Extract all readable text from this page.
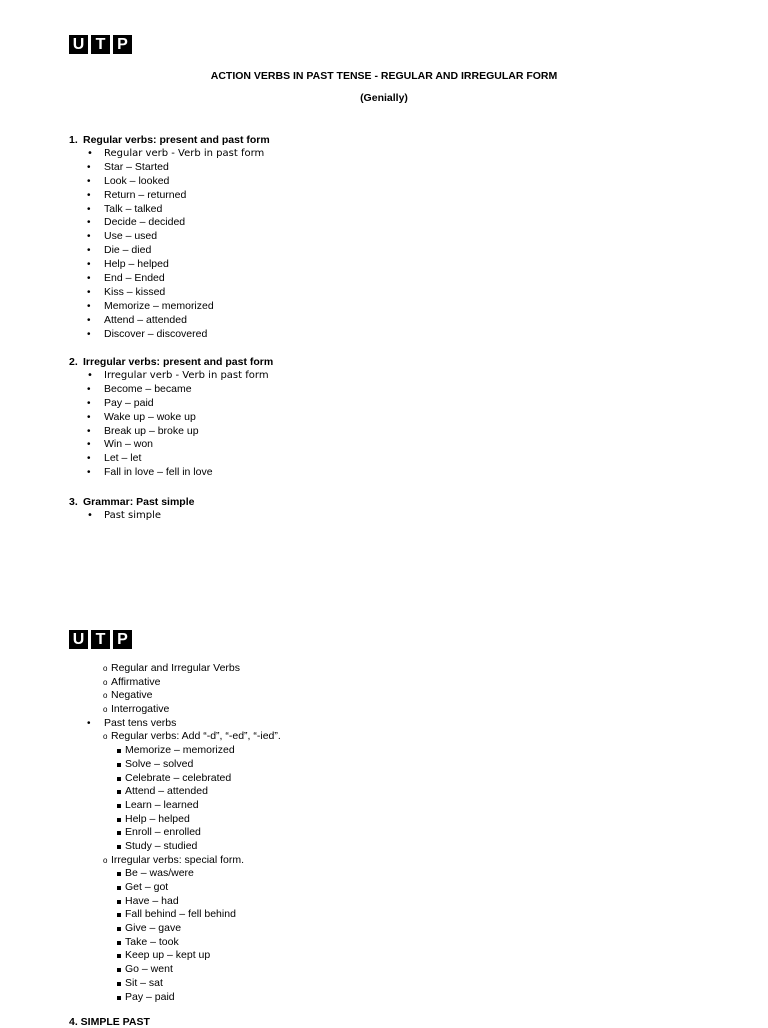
U T P
ACTION VERBS IN PAST TENSE - REGULAR AND IRREGULAR FORM
(Genially)
1. Regular verbs: present and past form
• Regular verb - Verb in past form
• Star – Started
• Look – looked
• Return – returned
• Talk – talked
• Decide – decided
• Use – used
• Die – died
• Help – helped
• End – Ended
• Kiss – kissed
• Memorize – memorized
• Attend – attended
• Discover – discovered
2. Irregular verbs: present and past form
• Irregular verb - Verb in past form
• Become – became
• Pay – paid
• Wake up – woke up
• Break up – broke up
• Win – won
• Let – let
• Fall in love – fell in love
3. Grammar: Past simple
• Past simple
U T P
o Regular and Irregular Verbs
o Affirmative
o Negative
o Interrogative
• Past tens verbs
o Regular verbs: Add “-d”, “-ed”, “-ied”.
Memorize – memorized
Solve – solved
Celebrate – celebrated
Attend – attended
Learn – learned
Help – helped
Enroll – enrolled
Study – studied
o Irregular verbs: special form.
Be – was/were
Get – got
Have – had
Fall behind – fell behind
Give – gave
Take – took
Keep up – kept up
Go – went
Sit – sat
Pay – paid
4. SIMPLE PAST
